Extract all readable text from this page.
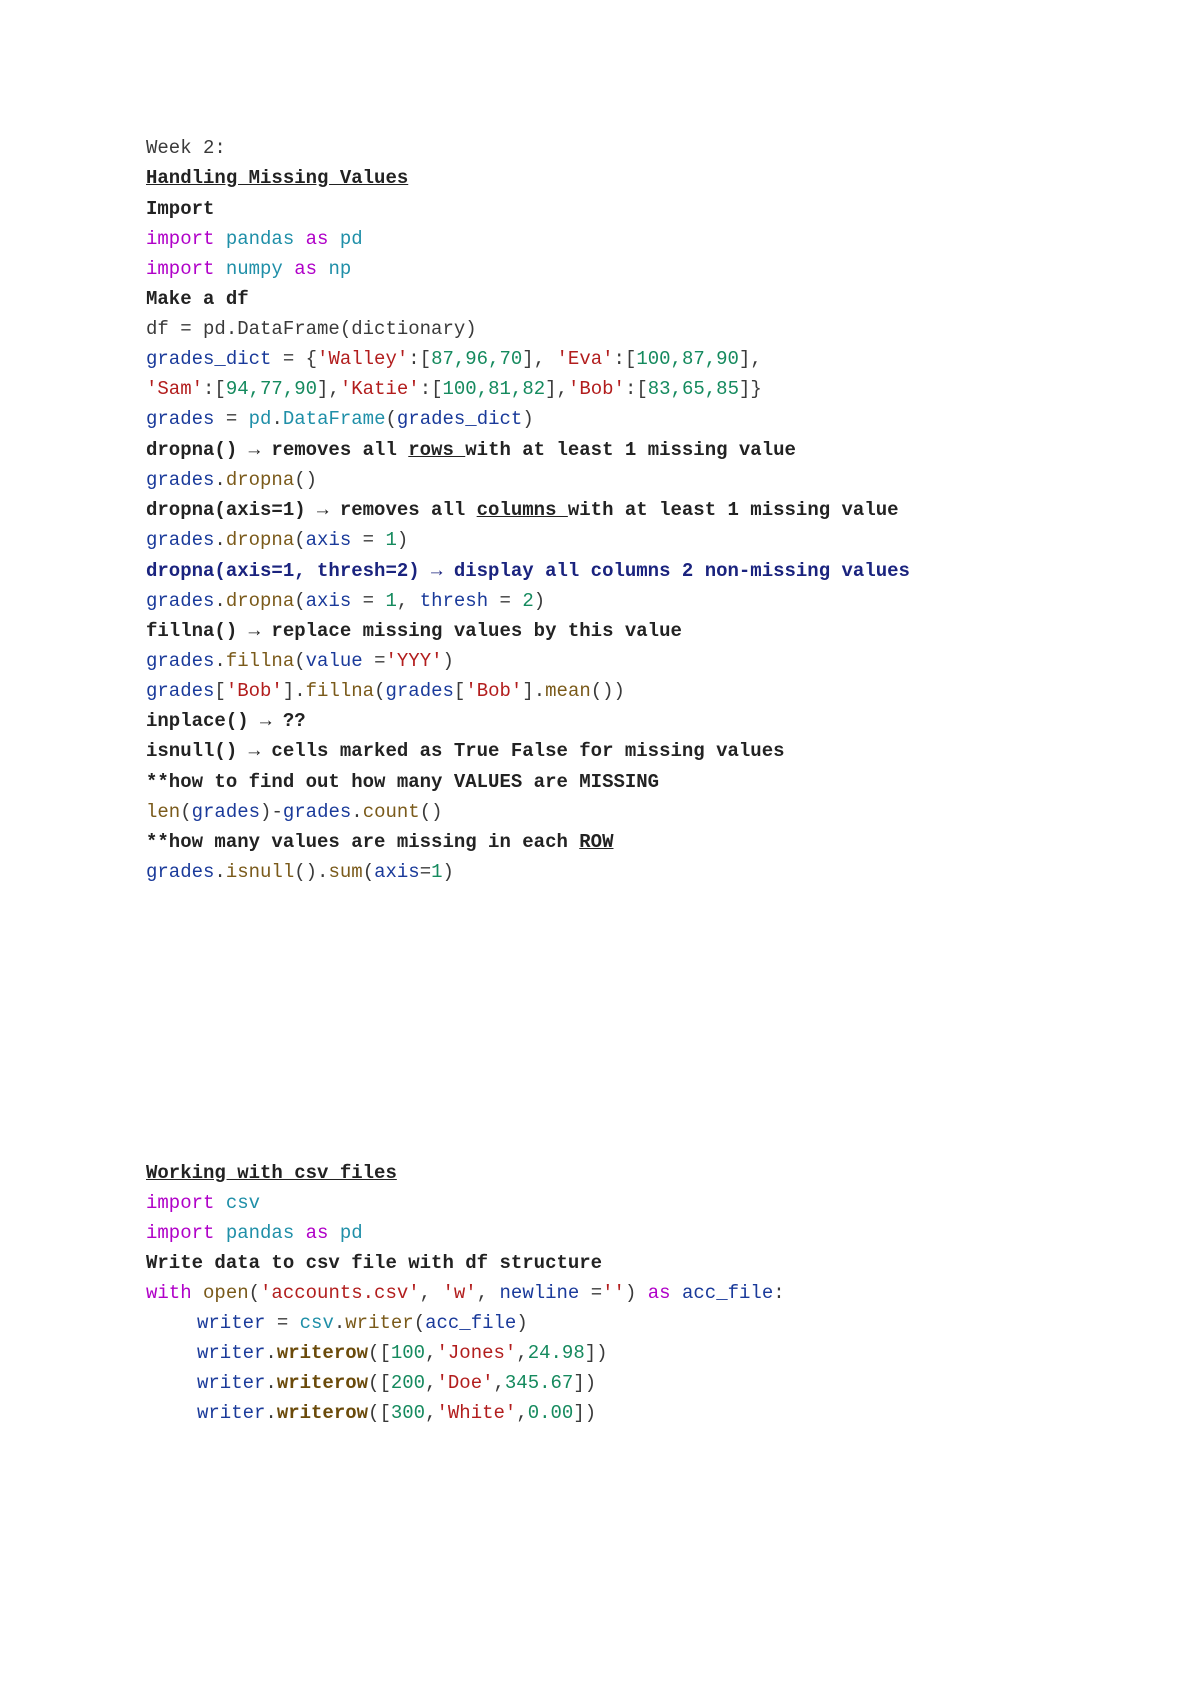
Week 2:
Handling Missing Values
Import
import pandas as pd
import numpy as np
Make a df
df = pd.DataFrame(dictionary)
grades_dict = {'Walley':[87,96,70], 'Eva':[100,87,90],
'Sam':[94,77,90],'Katie':[100,81,82],'Bob':[83,65,85]}
grades = pd.DataFrame(grades_dict)
dropna() → removes all rows with at least 1 missing value
grades.dropna()
dropna(axis=1) → removes all columns with at least 1 missing value
grades.dropna(axis = 1)
dropna(axis=1, thresh=2) → display all columns 2 non-missing values
grades.dropna(axis = 1, thresh = 2)
fillna() → replace missing values by this value
grades.fillna(value ='YYY')
grades['Bob'].fillna(grades['Bob'].mean())
inplace() → ??
isnull() → cells marked as True False for missing values
**how to find out how many VALUES are MISSING
len(grades)-grades.count()
**how many values are missing in each ROW
grades.isnull().sum(axis=1)
Working with csv files
import csv
import pandas as pd
Write data to csv file with df structure
with open('accounts.csv', 'w', newline ='') as acc_file:
writer = csv.writer(acc_file)
writer.writerow([100,'Jones',24.98])
writer.writerow([200,'Doe',345.67])
writer.writerow([300,'White',0.00])
